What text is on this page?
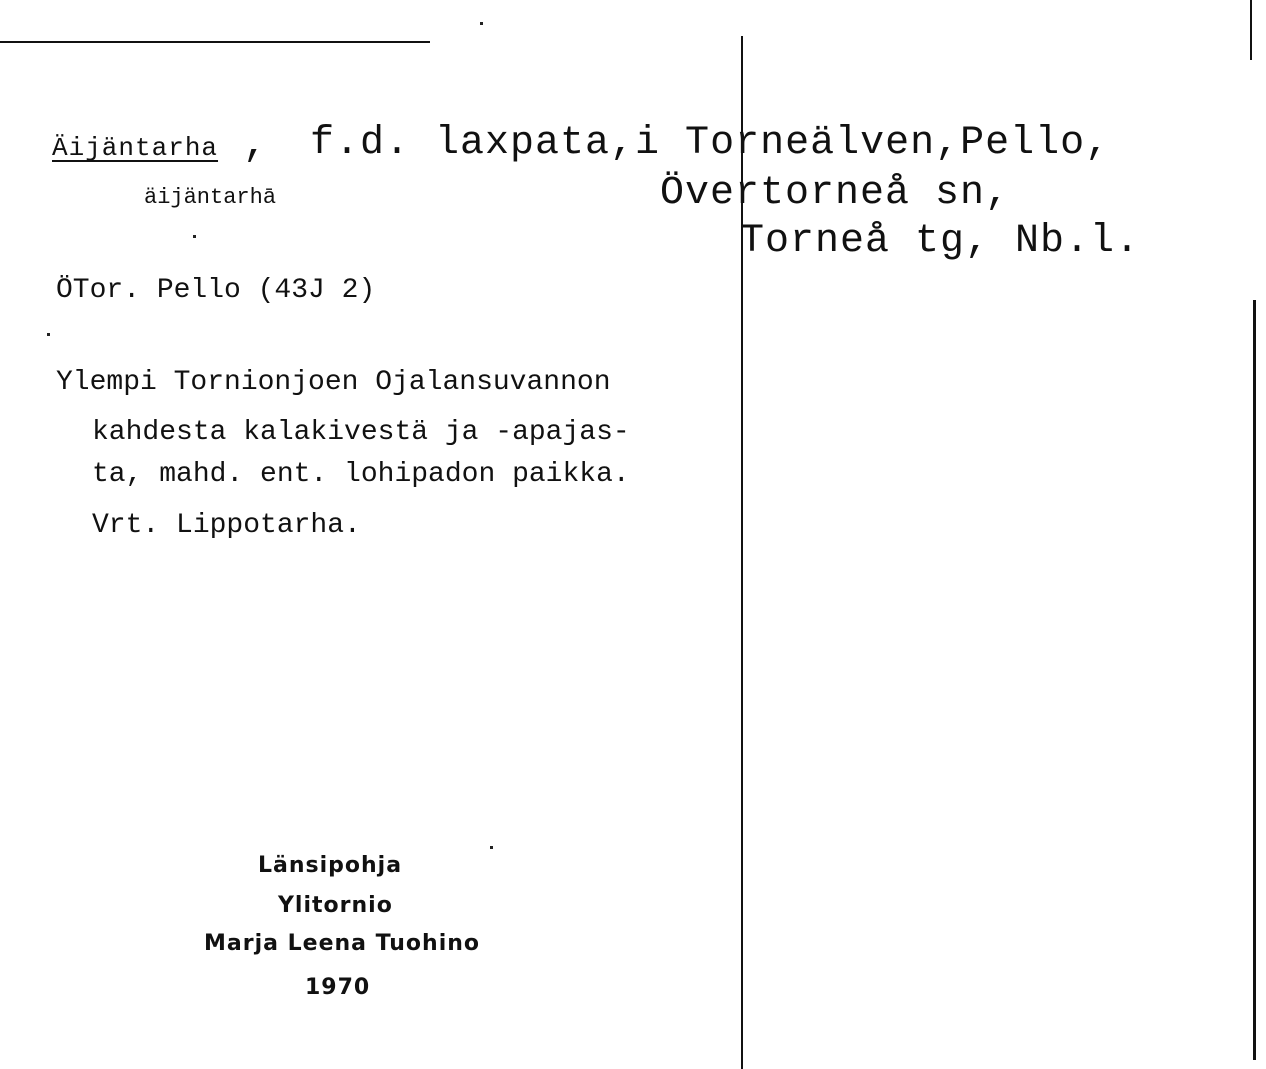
Äijäntarha , f.d. laxpata,i Torneälven,Pello,
Övertorneå sn,
Torneå tg, Nb.l.
äijäntarhā
ÖTor. Pello (43J 2)
Ylempi Tornionjoen Ojalansuvannon
kahdesta kalakivestä ja -apajas-
ta, mahd. ent. lohipadon paikka.
Vrt. Lippotarha.
Länsipohja
Ylitornio
Marja Leena Tuohino
1970
